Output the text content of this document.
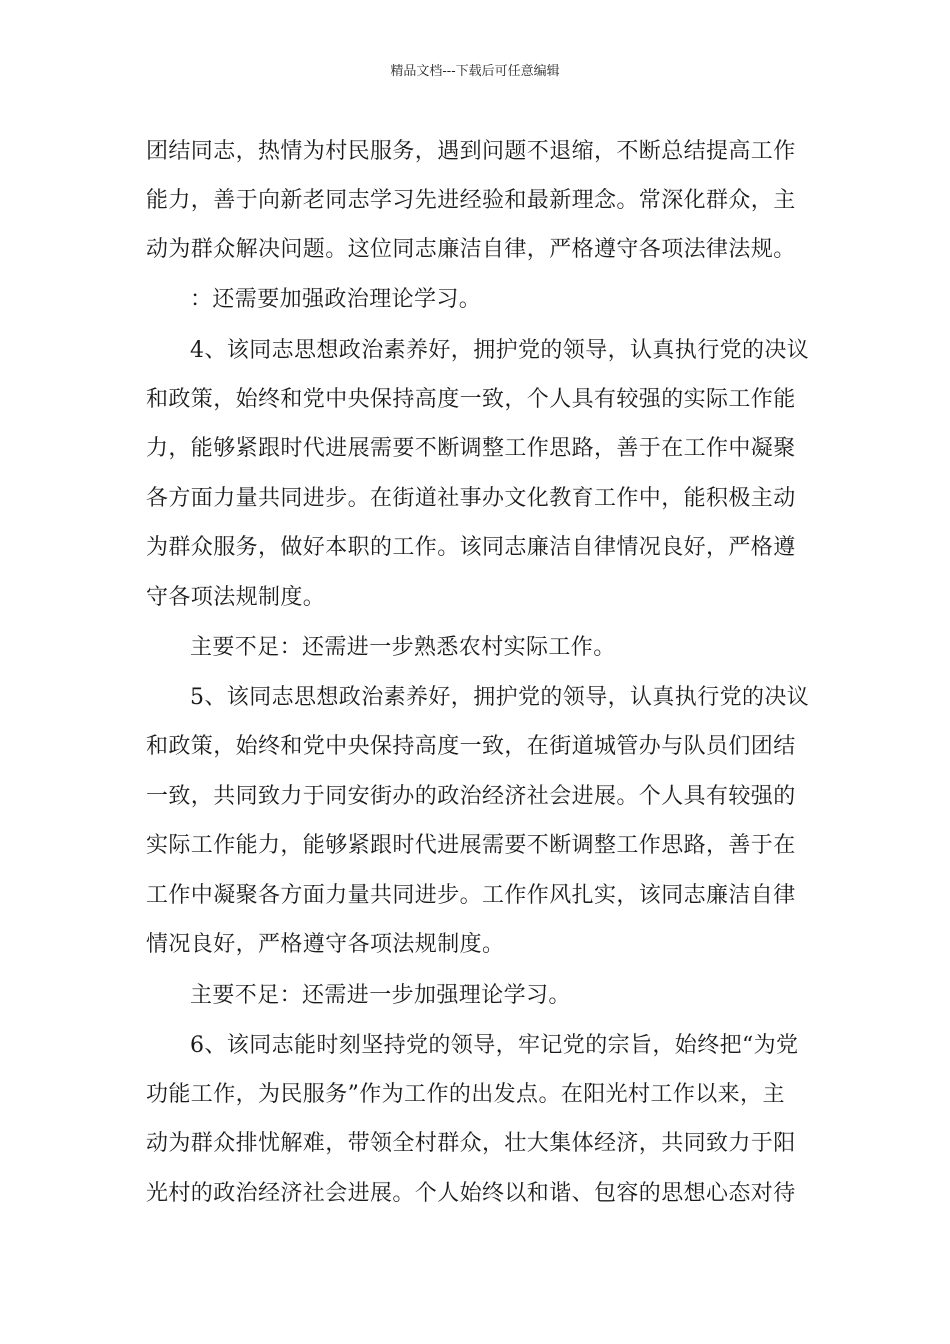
精品文档---下载后可任意编辑
团结同志，热情为村民服务，遇到问题不退缩，不断总结提高工作
能力，善于向新老同志学习先进经验和最新理念。常深化群众，主
动为群众解决问题。这位同志廉洁自律，严格遵守各项法律法规。
：还需要加强政治理论学习。
4、该同志思想政治素养好，拥护党的领导，认真执行党的决议
和政策，始终和党中央保持高度一致，个人具有较强的实际工作能
力，能够紧跟时代进展需要不断调整工作思路，善于在工作中凝聚
各方面力量共同进步。在街道社事办文化教育工作中，能积极主动
为群众服务，做好本职的工作。该同志廉洁自律情况良好，严格遵
守各项法规制度。
主要不足：还需进一步熟悉农村实际工作。
5、该同志思想政治素养好，拥护党的领导，认真执行党的决议
和政策，始终和党中央保持高度一致，在街道城管办与队员们团结
一致，共同致力于同安街办的政治经济社会进展。个人具有较强的
实际工作能力，能够紧跟时代进展需要不断调整工作思路，善于在
工作中凝聚各方面力量共同进步。工作作风扎实，该同志廉洁自律
情况良好，严格遵守各项法规制度。
主要不足：还需进一步加强理论学习。
6、该同志能时刻坚持党的领导，牢记党的宗旨，始终把“为党
功能工作，为民服务”作为工作的出发点。在阳光村工作以来，主
动为群众排忧解难，带领全村群众，壮大集体经济，共同致力于阳
光村的政治经济社会进展。个人始终以和谐、包容的思想心态对待
